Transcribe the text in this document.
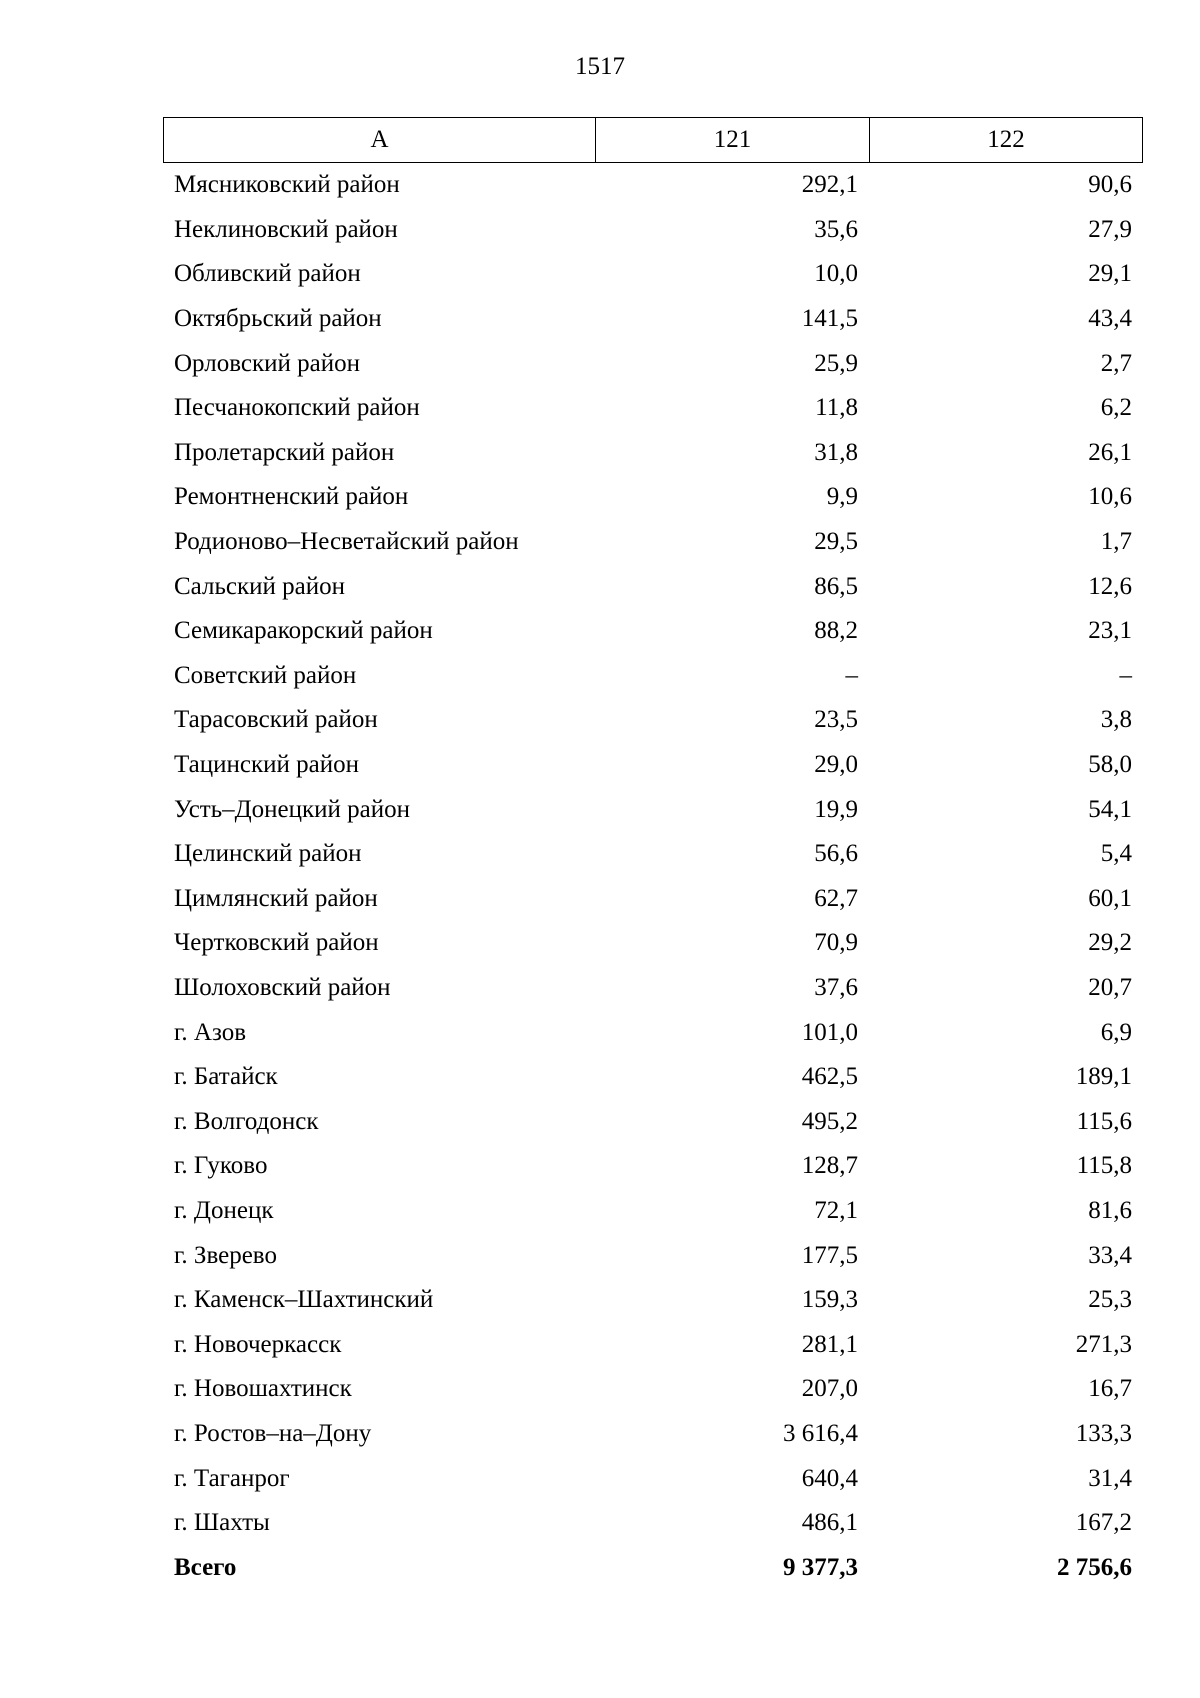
1517
А	121	122
Мясниковский район	292,1	90,6
Неклиновский район	35,6	27,9
Обливский район	10,0	29,1
Октябрьский район	141,5	43,4
Орловский район	25,9	2,7
Песчанокопский район	11,8	6,2
Пролетарский район	31,8	26,1
Ремонтненский район	9,9	10,6
Родионово–Несветайский район	29,5	1,7
Сальский район	86,5	12,6
Семикаракорский район	88,2	23,1
Советский район	–	–
Тарасовский район	23,5	3,8
Тацинский район	29,0	58,0
Усть–Донецкий район	19,9	54,1
Целинский район	56,6	5,4
Цимлянский район	62,7	60,1
Чертковский район	70,9	29,2
Шолоховский район	37,6	20,7
г. Азов	101,0	6,9
г. Батайск	462,5	189,1
г. Волгодонск	495,2	115,6
г. Гуково	128,7	115,8
г. Донецк	72,1	81,6
г. Зверево	177,5	33,4
г. Каменск–Шахтинский	159,3	25,3
г. Новочеркасск	281,1	271,3
г. Новошахтинск	207,0	16,7
г. Ростов–на–Дону	3 616,4	133,3
г. Таганрог	640,4	31,4
г. Шахты	486,1	167,2
Всего	9 377,3	2 756,6
